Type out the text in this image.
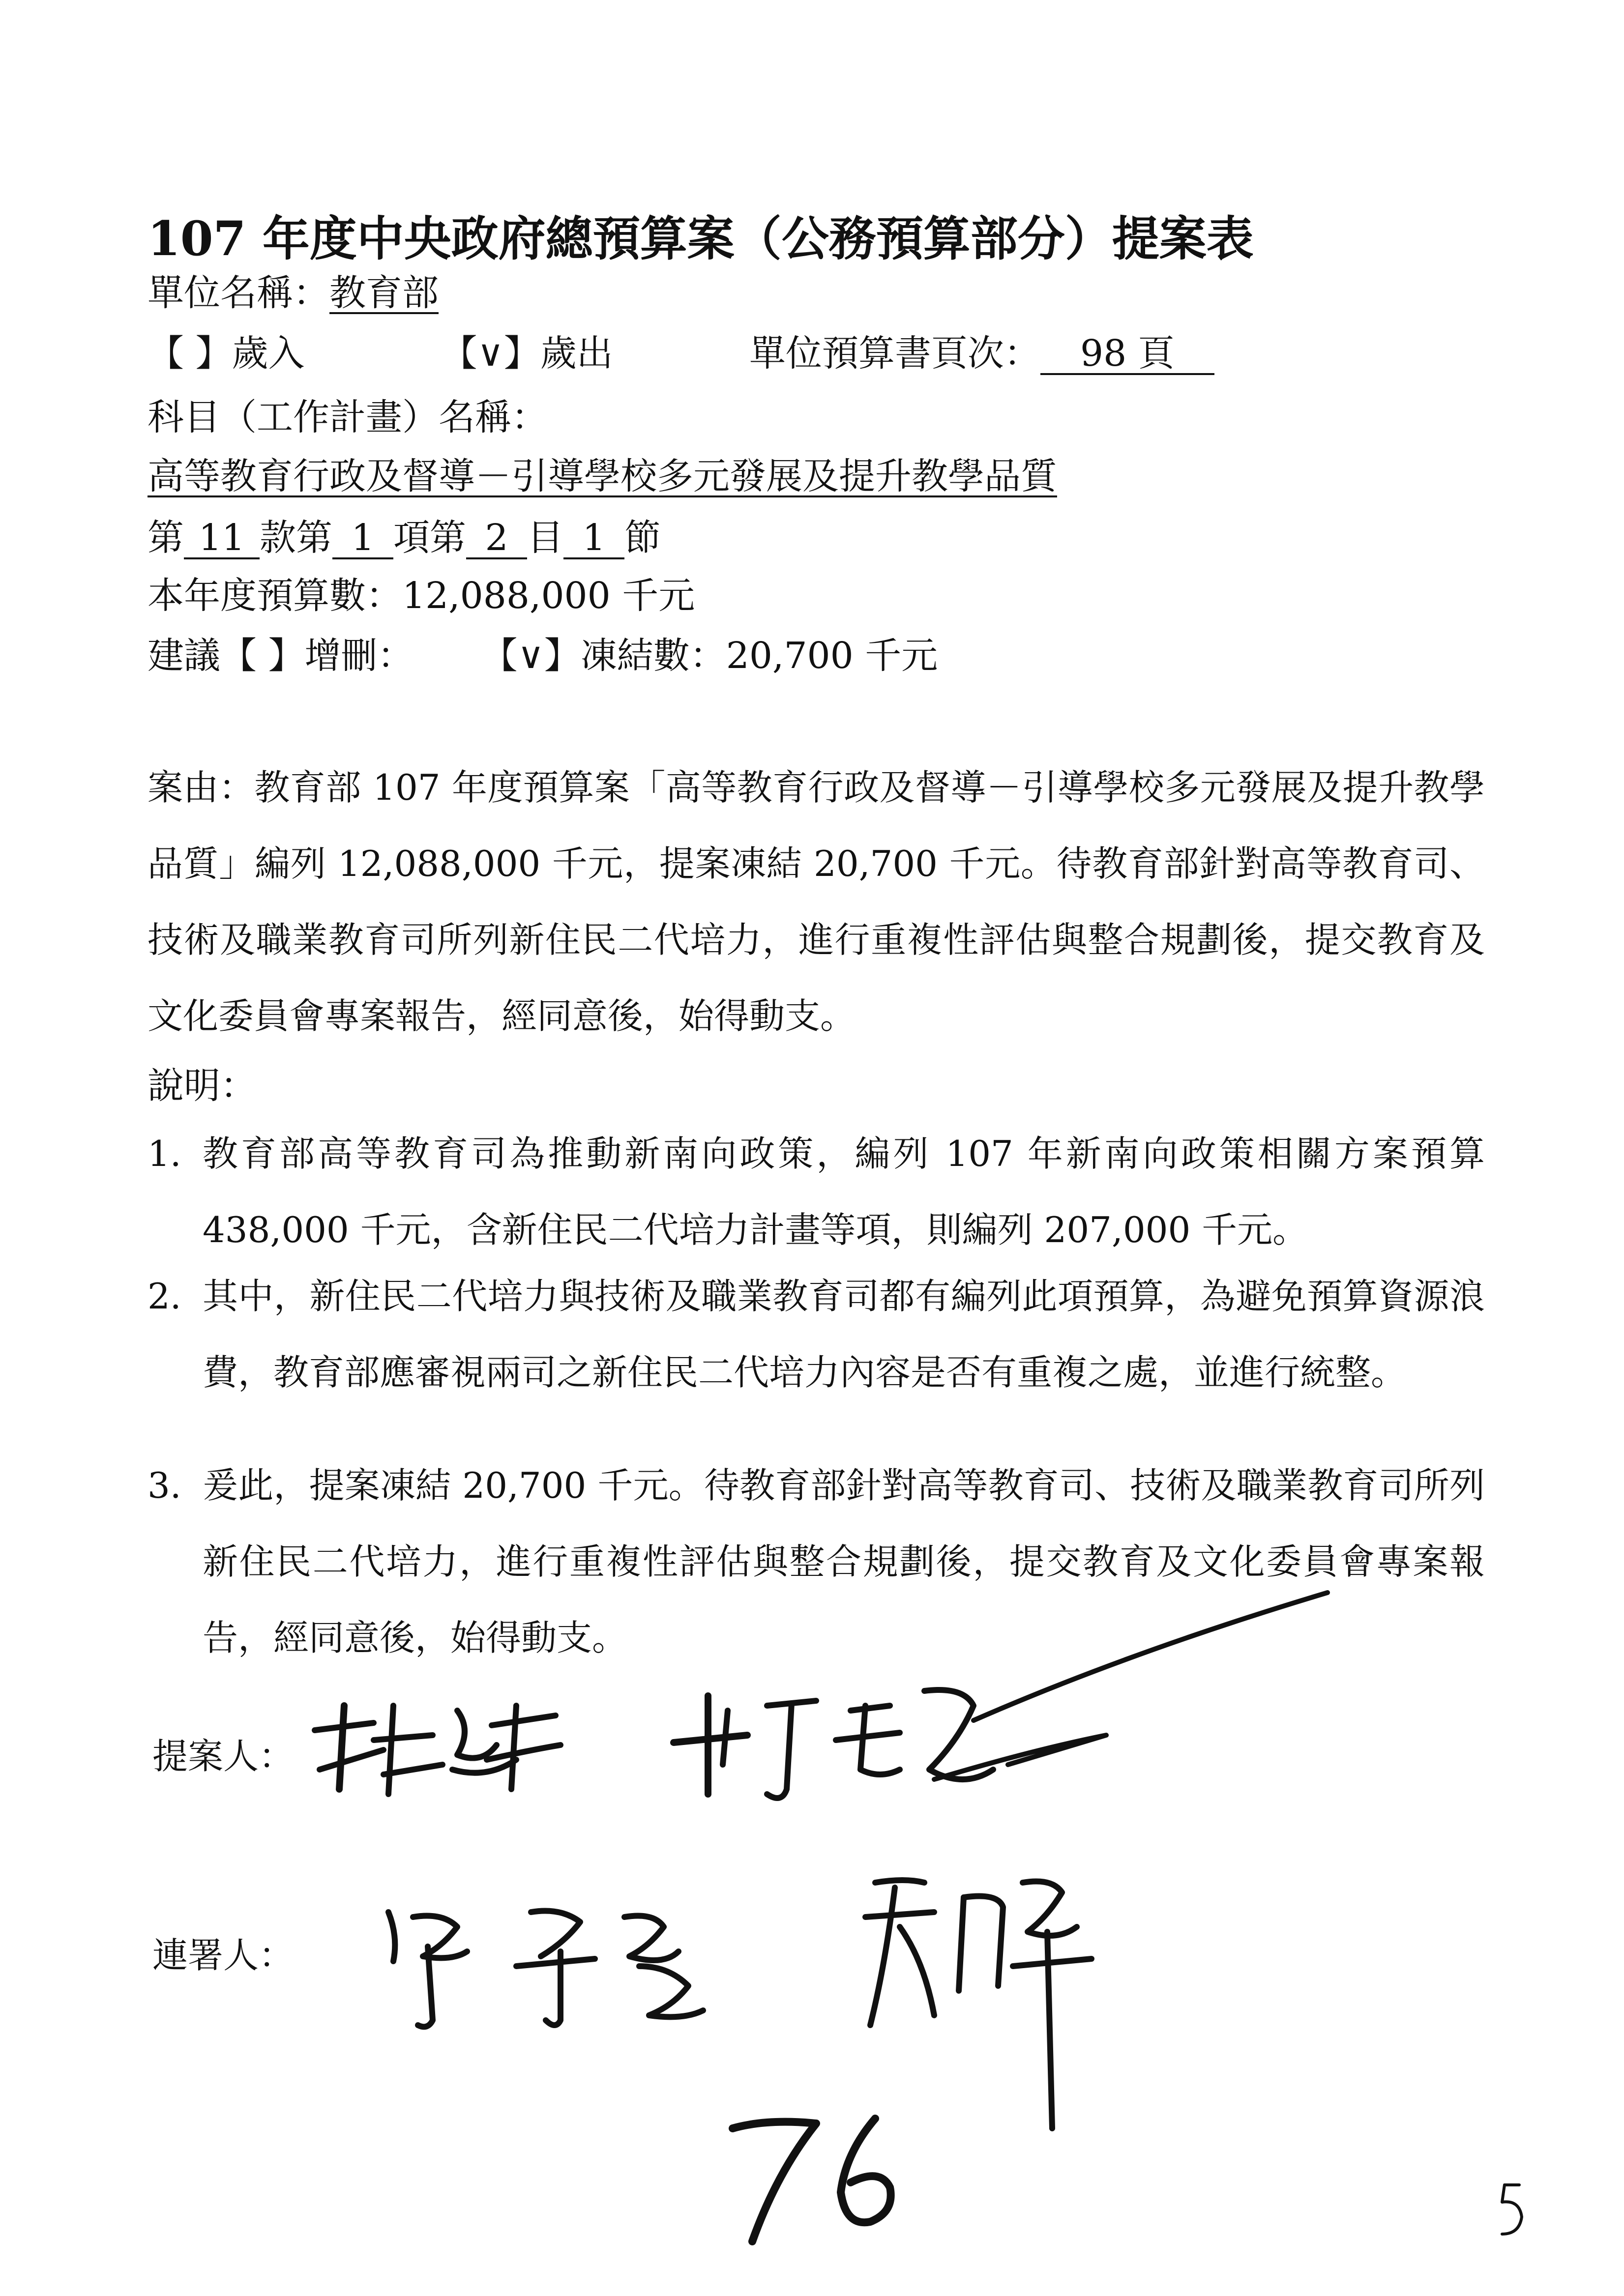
107 年度中央政府總預算案（公務預算部分）提案表
單位名稱：教育部
【 】歲入	【∨】歲出	單位預算書頁次： 98 頁
科目（工作計畫）名稱：
高等教育行政及督導－引導學校多元發展及提升教學品質
第 11 款第 1 項第 2 目 1 節
本年度預算數：12,088,000 千元
建議【 】增刪： 【∨】凍結數：20,700 千元
案由：教育部 107 年度預算案「高等教育行政及督導－引導學校多元發展及提升教學品質」編列 12,088,000 千元，提案凍結 20,700 千元。待教育部針對高等教育司、技術及職業教育司所列新住民二代培力，進行重複性評估與整合規劃後，提交教育及文化委員會專案報告，經同意後，始得動支。
說明：
1. 教育部高等教育司為推動新南向政策，編列 107 年新南向政策相關方案預算 438,000 千元，含新住民二代培力計畫等項，則編列 207,000 千元。
2. 其中，新住民二代培力與技術及職業教育司都有編列此項預算，為避免預算資源浪費，教育部應審視兩司之新住民二代培力內容是否有重複之處，並進行統整。
3. 爰此，提案凍結 20,700 千元。待教育部針對高等教育司、技術及職業教育司所列新住民二代培力，進行重複性評估與整合規劃後，提交教育及文化委員會專案報告，經同意後，始得動支。
提案人：
連署人：
